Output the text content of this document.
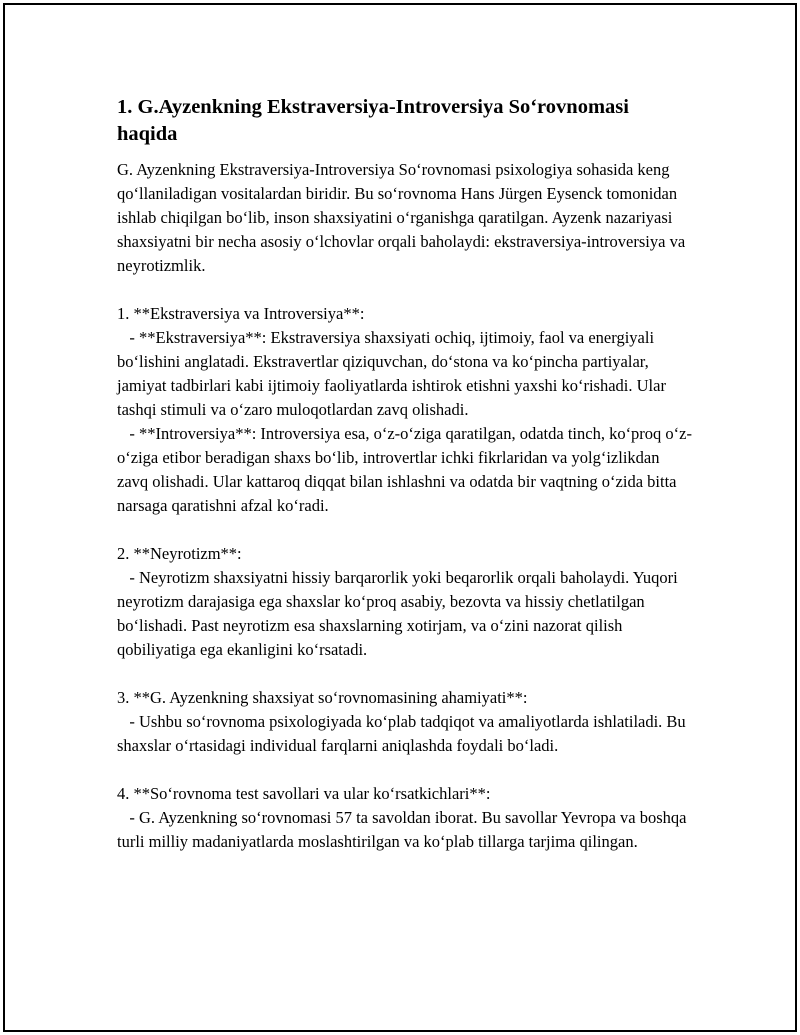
1. G.Ayzenkning Ekstraversiya-Introversiya So‘rovnomasi haqida
G. Ayzenkning Ekstraversiya-Introversiya So‘rovnomasi psixologiya sohasida keng qo‘llaniladigan vositalardan biridir. Bu so‘rovnoma Hans Jürgen Eysenck tomonidan ishlab chiqilgan bo‘lib, inson shaxsiyatini o‘rganishga qaratilgan. Ayzenk nazariyasi shaxsiyatni bir necha asosiy o‘lchovlar orqali baholaydi: ekstraversiya-introversiya va neyrotizmlik.

1. **Ekstraversiya va Introversiya**:
- **Ekstraversiya**: Ekstraversiya shaxsiyati ochiq, ijtimoiy, faol va energiyali bo‘lishini anglatadi. Ekstravertlar qiziquvchan, do‘stona va ko‘pincha partiyalar, jamiyat tadbirlari kabi ijtimoiy faoliyatlarda ishtirok etishni yaxshi ko‘rishadi. Ular tashqi stimuli va o‘zaro muloqotlardan zavq olishadi.
- **Introversiya**: Introversiya esa, o‘z-o‘ziga qaratilgan, odatda tinch, ko‘proq o‘z-o‘ziga etibor beradigan shaxs bo‘lib, introvertlar ichki fikrlaridan va yolg‘izlikdan zavq olishadi. Ular kattaroq diqqat bilan ishlashni va odatda bir vaqtning o‘zida bitta narsaga qaratishni afzal ko‘radi.

2. **Neyrotizm**:
- Neyrotizm shaxsiyatni hissiy barqarorlik yoki beqarorlik orqali baholaydi. Yuqori neyrotizm darajasiga ega shaxslar ko‘proq asabiy, bezovta va hissiy chetlatilgan bo‘lishadi. Past neyrotizm esa shaxslarning xotirjam, va o‘zini nazorat qilish qobiliyatiga ega ekanligini ko‘rsatadi.

3. **G. Ayzenkning shaxsiyat so‘rovnomasining ahamiyati**:
- Ushbu so‘rovnoma psixologiyada ko‘plab tadqiqot va amaliyotlarda ishlatiladi. Bu shaxslar o‘rtasidagi individual farqlarni aniqlashda foydali bo‘ladi.

4. **So‘rovnoma test savollari va ular ko‘rsatkichlari**:
- G. Ayzenkning so‘rovnomasi 57 ta savoldan iborat. Bu savollar Yevropa va boshqa turli milliy madaniyatlarda moslashtirilgan va ko‘plab tillarga tarjima qilingan.
